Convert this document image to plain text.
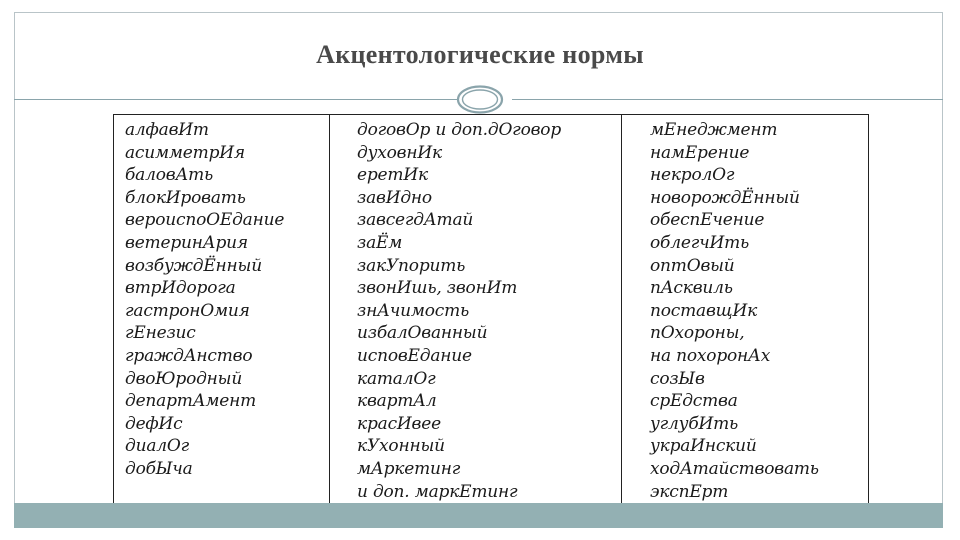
Акцентологические нормы
алфавИт
асимметрИя
баловАть
блокИровать
вероиспоОЕдание
ветеринАрия
возбуждЁнный
втрИдорога
гастронОмия
гЕнезис
граждАнство
двоЮродный
департАмент
дефИс
диалОг
добЫча
договОр и доп.дОговор
духовнИк
еретИк
завИдно
завсегдАтай
заЁм
закУпорить
звонИшь, звонИт
знАчимость
избалОванный
исповЕдание
каталОг
квартАл
красИвее
кУхонный
мАркетинг
и доп. маркЕтинг
мЕнеджмент
намЕрение
некролОг
новорождЁнный
обеспЕчение
облегчИть
оптОвый
пАсквиль
поставщИк
пОхороны,
на похоронАх
созЫв
срЕдства
углубИть
украИнский
ходАтайствовать
экспЕрт
